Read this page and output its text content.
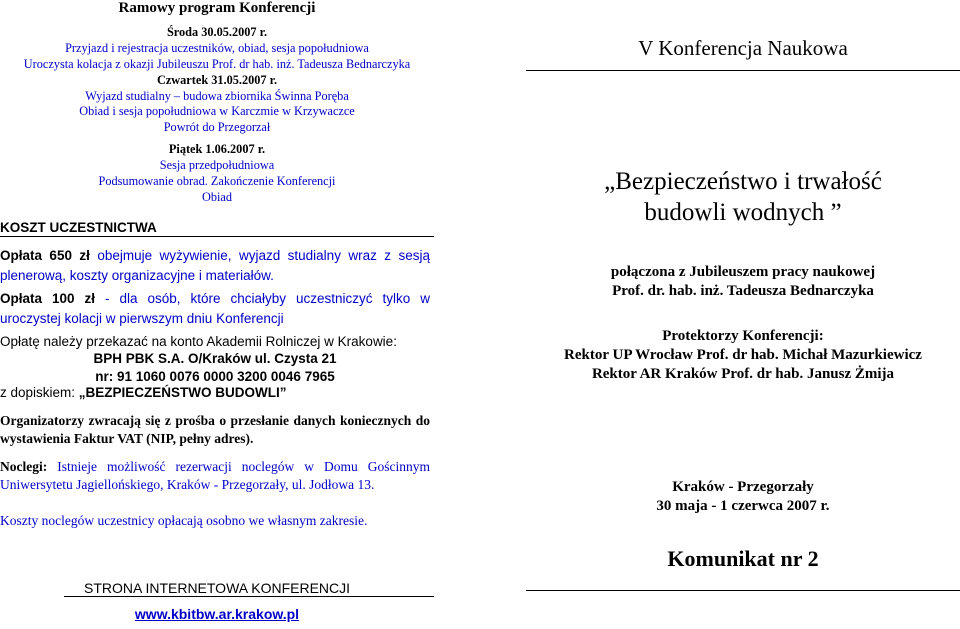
Ramowy program Konferencji
Środa 30.05.2007 r.
Przyjazd i rejestracja uczestników, obiad, sesja popołudniowa
Uroczysta kolacja z okazji Jubileuszu Prof. dr hab. inż. Tadeusza Bednarczyka
Czwartek 31.05.2007 r.
Wyjazd studialny – budowa zbiornika Świnna Poręba
Obiad i sesja popołudniowa w Karczmie w Krzywaczce
Powrót do Przegorzał
Piątek 1.06.2007 r.
Sesja przedpołudniowa
Podsumowanie obrad. Zakończenie Konferencji
Obiad
KOSZT UCZESTNICTWA
Opłata 650 zł obejmuje wyżywienie, wyjazd studialny wraz z sesją plenerową, koszty organizacyjne i materiałów.
Opłata 100 zł - dla osób, które chciałyby uczestniczyć tylko w uroczystej kolacji w pierwszym dniu Konferencji
Opłatę należy przekazać na konto Akademii Rolniczej w Krakowie:
BPH PBK S.A. O/Kraków ul. Czysta 21
nr: 91 1060 0076 0000 3200 0046 7965
z dopiskiem: „BEZPIECZEŃSTWO BUDOWLI”
Organizatorzy zwracają się z prośba o przesłanie danych koniecznych do wystawienia Faktur VAT (NIP, pełny adres).
Noclegi: Istnieje możliwość rezerwacji noclegów w Domu Gościnnym Uniwersytetu Jagiellońskiego, Kraków - Przegorzały, ul. Jodłowa 13.
Koszty noclegów uczestnicy opłacają osobno we własnym zakresie.
STRONA INTERNETOWA KONFERENCJI
www.kbitbw.ar.krakow.pl
V Konferencja Naukowa
„Bezpieczeństwo i trwałość
budowli wodnych ”
połączona z Jubileuszem pracy naukowej
Prof. dr. hab. inż. Tadeusza Bednarczyka
Protektorzy Konferencji:
Rektor UP Wrocław Prof. dr hab. Michał Mazurkiewicz
Rektor AR Kraków Prof. dr hab. Janusz Żmija
Kraków - Przegorzały
30 maja - 1 czerwca 2007 r.
Komunikat nr 2
